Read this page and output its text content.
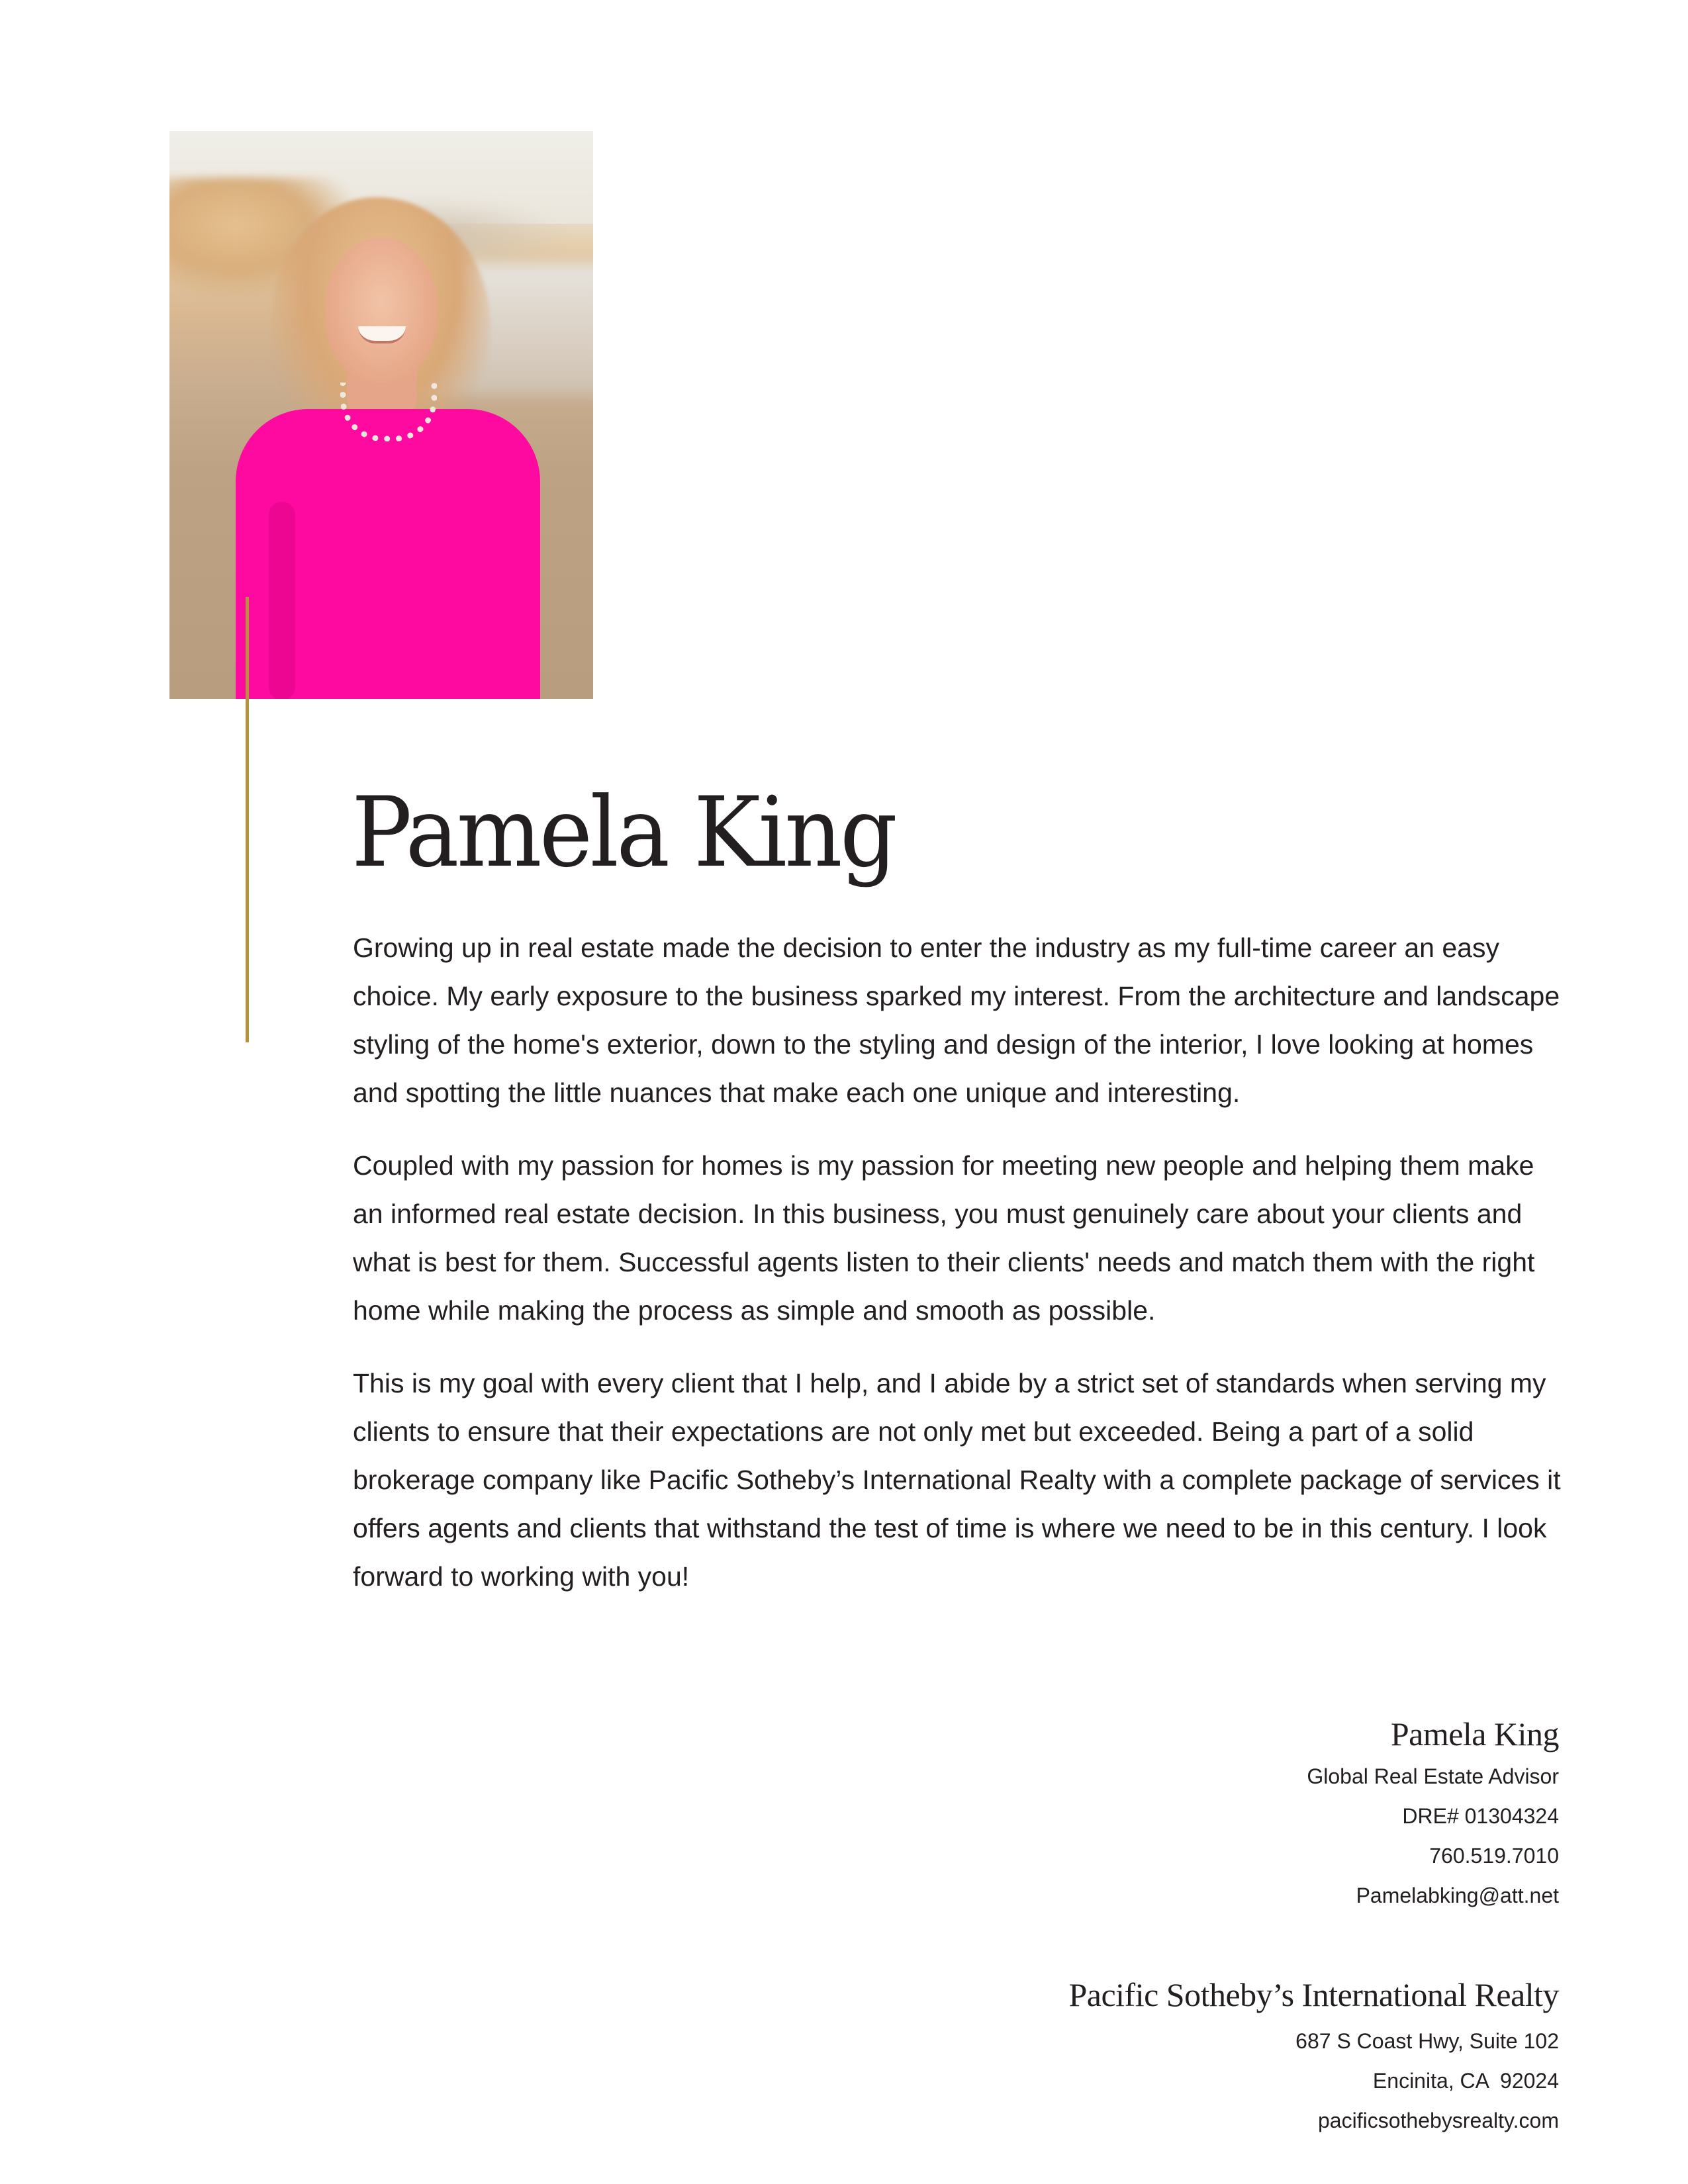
Pamela King

Growing up in real estate made the decision to enter the industry as my full-time career an easy choice. My early exposure to the business sparked my interest. From the architecture and landscape styling of the home's exterior, down to the styling and design of the interior, I love looking at homes and spotting the little nuances that make each one unique and interesting.

Coupled with my passion for homes is my passion for meeting new people and helping them make an informed real estate decision. In this business, you must genuinely care about your clients and what is best for them. Successful agents listen to their clients' needs and match them with the right home while making the process as simple and smooth as possible.

This is my goal with every client that I help, and I abide by a strict set of standards when serving my clients to ensure that their expectations are not only met but exceeded. Being a part of a solid brokerage company like Pacific Sotheby’s International Realty with a complete package of services it offers agents and clients that withstand the test of time is where we need to be in this century. I look forward to working with you!

Pamela King
Global Real Estate Advisor
DRE# 01304324
760.519.7010
Pamelabking@att.net
Pacific Sotheby’s International Realty
687 S Coast Hwy, Suite 102
Encinita, CA  92024
pacificsothebysrealty.com
